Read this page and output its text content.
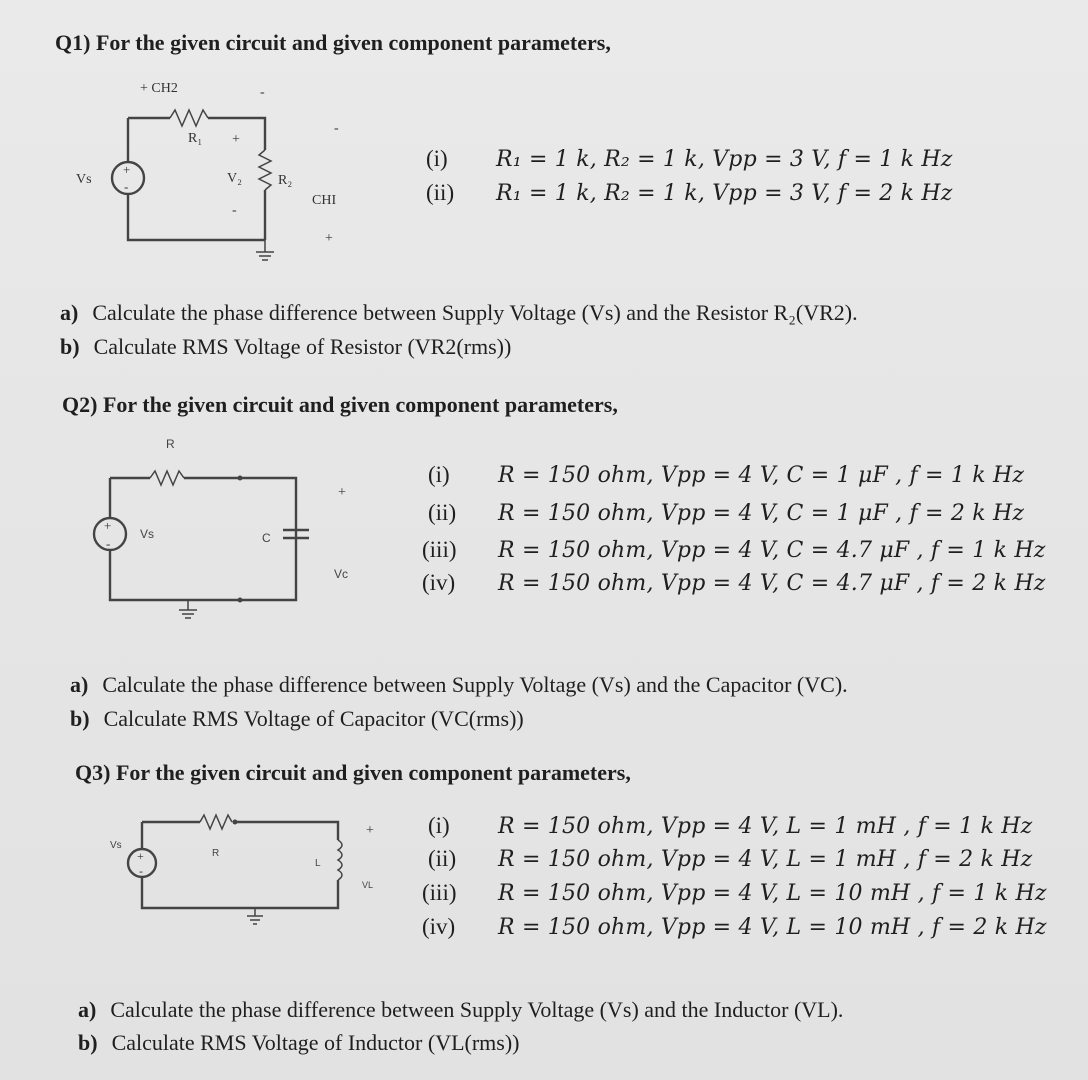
Q1) For the given circuit and given component parameters,
+ CH2	-
R₁ +
V₂	R₂
-
-
+
-
Vs
CHI
+
(i) R₁ = 1 k, R₂ = 1 k, Vpp = 3 V, f = 1 k Hz
(ii) R₁ = 1 k, R₂ = 1 k, Vpp = 3 V, f = 2 k Hz
a) Calculate the phase difference between Supply Voltage (Vs) and the Resistor R₂(VR2).
b) Calculate RMS Voltage of Resistor (VR2(rms))
Q2) For the given circuit and given component parameters,
R
+
-
Vs	C
+
Vc
(i) R = 150 ohm, Vpp = 4 V, C = 1 μF , f = 1 k Hz
(ii) R = 150 ohm, Vpp = 4 V, C = 1 μF , f = 2 k Hz
(iii) R = 150 ohm, Vpp = 4 V, C = 4.7 μF , f = 1 k Hz
(iv) R = 150 ohm, Vpp = 4 V, C = 4.7 μF , f = 2 k Hz
a) Calculate the phase difference between Supply Voltage (Vs) and the Capacitor (VC).
b) Calculate RMS Voltage of Capacitor (VC(rms))
Q3) For the given circuit and given component parameters,
Vs
R
+
-
L
+
VL
(i) R = 150 ohm, Vpp = 4 V, L = 1 mH , f = 1 k Hz
(ii) R = 150 ohm, Vpp = 4 V, L = 1 mH , f = 2 k Hz
(iii) R = 150 ohm, Vpp = 4 V, L = 10 mH , f = 1 k Hz
(iv) R = 150 ohm, Vpp = 4 V, L = 10 mH , f = 2 k Hz
a) Calculate the phase difference between Supply Voltage (Vs) and the Inductor (VL).
b) Calculate RMS Voltage of Inductor (VL(rms))
